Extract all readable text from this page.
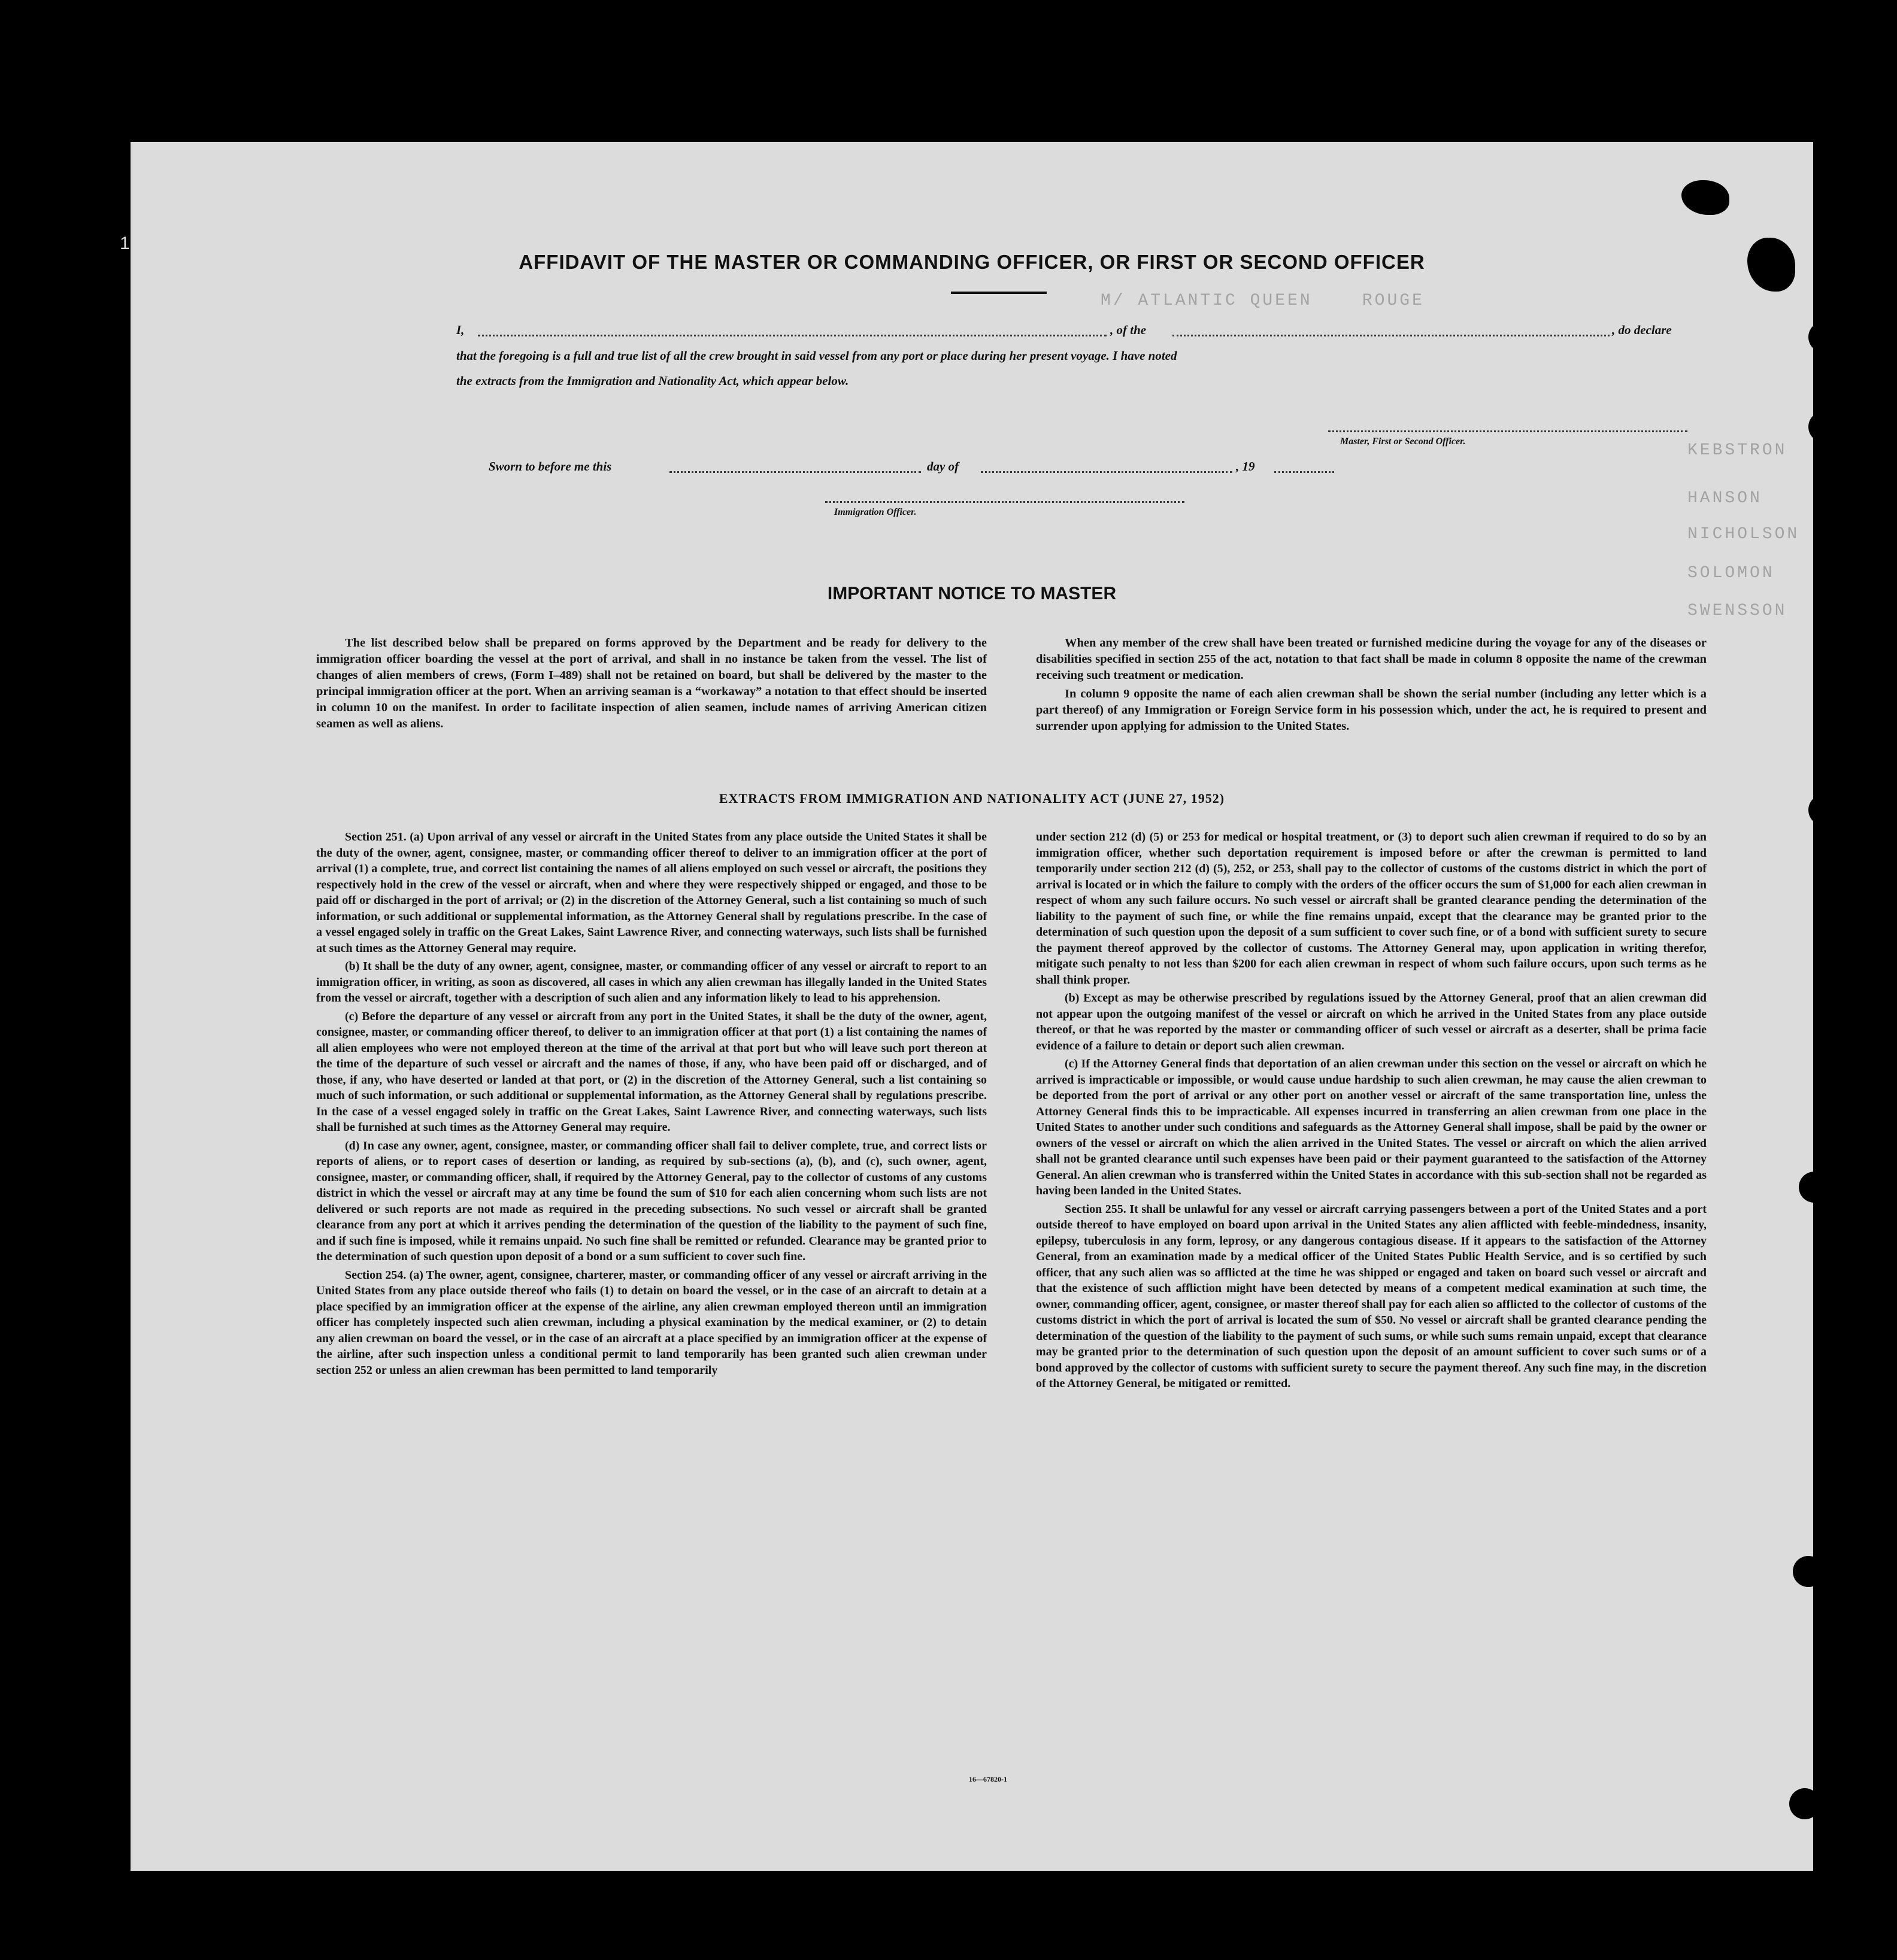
1
M/ ATLANTIC QUEEN    ROUGE
KEBSTRON
HANSON
NICHOLSON
SOLOMON
SWENSSON
AFFIDAVIT OF THE MASTER OR COMMANDING OFFICER, OR FIRST OR SECOND OFFICER
I,	, of the	, do declare
that the foregoing is a full and true list of all the crew brought in said vessel from any port or place during her present voyage. I have noted
the extracts from the Immigration and Nationality Act, which appear below.
Master, First or Second Officer.
Sworn to before me this	day of	, 19
Immigration Officer.
IMPORTANT NOTICE TO MASTER

The list described below shall be prepared on forms approved by the Department and be ready for delivery to the immigration officer boarding the vessel at the port of arrival, and shall in no instance be taken from the vessel. The list of changes of alien members of crews, (Form I–489) shall not be retained on board, but shall be delivered by the master to the principal immigration officer at the port. When an arriving seaman is a “workaway” a notation to that effect should be inserted in column 10 on the manifest. In order to facilitate inspection of alien seamen, include names of arriving American citizen seamen as well as aliens.

When any member of the crew shall have been treated or furnished medicine during the voyage for any of the diseases or disabilities specified in section 255 of the act, notation to that fact shall be made in column 8 opposite the name of the crewman receiving such treatment or medication.

In column 9 opposite the name of each alien crewman shall be shown the serial number (including any letter which is a part thereof) of any Immigration or Foreign Service form in his possession which, under the act, he is required to present and surrender upon applying for admission to the United States.

EXTRACTS FROM IMMIGRATION AND NATIONALITY ACT (JUNE 27, 1952)

Section 251. (a) Upon arrival of any vessel or aircraft in the United States from any place outside the United States it shall be the duty of the owner, agent, consignee, master, or commanding officer thereof to deliver to an immigration officer at the port of arrival (1) a complete, true, and correct list containing the names of all aliens employed on such vessel or aircraft, the positions they respectively hold in the crew of the vessel or aircraft, when and where they were respectively shipped or engaged, and those to be paid off or discharged in the port of arrival; or (2) in the discretion of the Attorney General, such a list containing so much of such information, or such additional or supplemental information, as the Attorney General shall by regulations prescribe. In the case of a vessel engaged solely in traffic on the Great Lakes, Saint Lawrence River, and connecting waterways, such lists shall be furnished at such times as the Attorney General may require.

(b) It shall be the duty of any owner, agent, consignee, master, or commanding officer of any vessel or aircraft to report to an immigration officer, in writing, as soon as discovered, all cases in which any alien crewman has illegally landed in the United States from the vessel or aircraft, together with a description of such alien and any information likely to lead to his apprehension.

(c) Before the departure of any vessel or aircraft from any port in the United States, it shall be the duty of the owner, agent, consignee, master, or commanding officer thereof, to deliver to an immigration officer at that port (1) a list containing the names of all alien employees who were not employed thereon at the time of the arrival at that port but who will leave such port thereon at the time of the departure of such vessel or aircraft and the names of those, if any, who have been paid off or discharged, and of those, if any, who have deserted or landed at that port, or (2) in the discretion of the Attorney General, such a list containing so much of such information, or such additional or supplemental information, as the Attorney General shall by regulations prescribe. In the case of a vessel engaged solely in traffic on the Great Lakes, Saint Lawrence River, and connecting waterways, such lists shall be furnished at such times as the Attorney General may require.

(d) In case any owner, agent, consignee, master, or commanding officer shall fail to deliver complete, true, and correct lists or reports of aliens, or to report cases of desertion or landing, as required by sub-sections (a), (b), and (c), such owner, agent, consignee, master, or commanding officer, shall, if required by the Attorney General, pay to the collector of customs of any customs district in which the vessel or aircraft may at any time be found the sum of $10 for each alien concerning whom such lists are not delivered or such reports are not made as required in the preceding subsections. No such vessel or aircraft shall be granted clearance from any port at which it arrives pending the determination of the question of the liability to the payment of such fine, and if such fine is imposed, while it remains unpaid. No such fine shall be remitted or refunded. Clearance may be granted prior to the determination of such question upon deposit of a bond or a sum sufficient to cover such fine.

Section 254. (a) The owner, agent, consignee, charterer, master, or commanding officer of any vessel or aircraft arriving in the United States from any place outside thereof who fails (1) to detain on board the vessel, or in the case of an aircraft to detain at a place specified by an immigration officer at the expense of the airline, any alien crewman employed thereon until an immigration officer has completely inspected such alien crewman, including a physical examination by the medical examiner, or (2) to detain any alien crewman on board the vessel, or in the case of an aircraft at a place specified by an immigration officer at the expense of the airline, after such inspection unless a conditional permit to land temporarily has been granted such alien crewman under section 252 or unless an alien crewman has been permitted to land temporarily

under section 212 (d) (5) or 253 for medical or hospital treatment, or (3) to deport such alien crewman if required to do so by an immigration officer, whether such deportation requirement is imposed before or after the crewman is permitted to land temporarily under section 212 (d) (5), 252, or 253, shall pay to the collector of customs of the customs district in which the port of arrival is located or in which the failure to comply with the orders of the officer occurs the sum of $1,000 for each alien crewman in respect of whom any such failure occurs. No such vessel or aircraft shall be granted clearance pending the determination of the liability to the payment of such fine, or while the fine remains unpaid, except that the clearance may be granted prior to the determination of such question upon the deposit of a sum sufficient to cover such fine, or of a bond with sufficient surety to secure the payment thereof approved by the collector of customs. The Attorney General may, upon application in writing therefor, mitigate such penalty to not less than $200 for each alien crewman in respect of whom such failure occurs, upon such terms as he shall think proper.

(b) Except as may be otherwise prescribed by regulations issued by the Attorney General, proof that an alien crewman did not appear upon the outgoing manifest of the vessel or aircraft on which he arrived in the United States from any place outside thereof, or that he was reported by the master or commanding officer of such vessel or aircraft as a deserter, shall be prima facie evidence of a failure to detain or deport such alien crewman.

(c) If the Attorney General finds that deportation of an alien crewman under this section on the vessel or aircraft on which he arrived is impracticable or impossible, or would cause undue hardship to such alien crewman, he may cause the alien crewman to be deported from the port of arrival or any other port on another vessel or aircraft of the same transportation line, unless the Attorney General finds this to be impracticable. All expenses incurred in transferring an alien crewman from one place in the United States to another under such conditions and safeguards as the Attorney General shall impose, shall be paid by the owner or owners of the vessel or aircraft on which the alien arrived in the United States. The vessel or aircraft on which the alien arrived shall not be granted clearance until such expenses have been paid or their payment guaranteed to the satisfaction of the Attorney General. An alien crewman who is transferred within the United States in accordance with this sub-section shall not be regarded as having been landed in the United States.

Section 255. It shall be unlawful for any vessel or aircraft carrying passengers between a port of the United States and a port outside thereof to have employed on board upon arrival in the United States any alien afflicted with feeble-mindedness, insanity, epilepsy, tuberculosis in any form, leprosy, or any dangerous contagious disease. If it appears to the satisfaction of the Attorney General, from an examination made by a medical officer of the United States Public Health Service, and is so certified by such officer, that any such alien was so afflicted at the time he was shipped or engaged and taken on board such vessel or aircraft and that the existence of such affliction might have been detected by means of a competent medical examination at such time, the owner, commanding officer, agent, consignee, or master thereof shall pay for each alien so afflicted to the collector of customs of the customs district in which the port of arrival is located the sum of $50. No vessel or aircraft shall be granted clearance pending the determination of the question of the liability to the payment of such sums, or while such sums remain unpaid, except that clearance may be granted prior to the determination of such question upon the deposit of an amount sufficient to cover such sums or of a bond approved by the collector of customs with sufficient surety to secure the payment thereof. Any such fine may, in the discretion of the Attorney General, be mitigated or remitted.

16—67820-1
